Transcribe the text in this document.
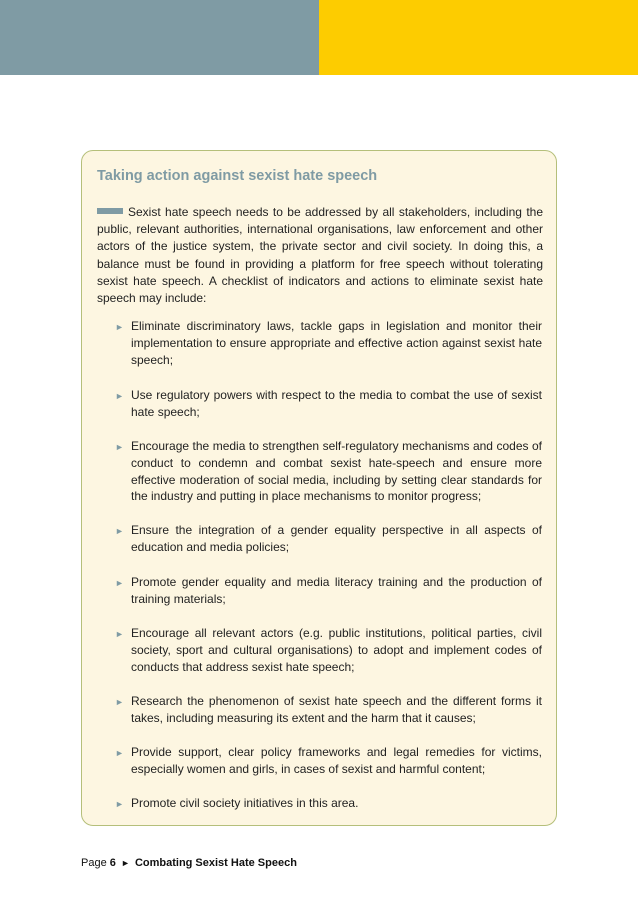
Taking action against sexist hate speech

Sexist hate speech needs to be addressed by all stakeholders, including the public, relevant authorities, international organisations, law enforcement and other actors of the justice system, the private sector and civil society. In doing this, a balance must be found in providing a platform for free speech without tolerating sexist hate speech. A checklist of indicators and actions to eliminate sexist hate speech may include:

► Eliminate discriminatory laws, tackle gaps in legislation and monitor their implementation to ensure appropriate and effective action against sexist hate speech;

► Use regulatory powers with respect to the media to combat the use of sexist hate speech;

► Encourage the media to strengthen self-regulatory mechanisms and codes of conduct to condemn and combat sexist hate-speech and ensure more effective moderation of social media, including by setting clear standards for the industry and putting in place mechanisms to monitor progress;

► Ensure the integration of a gender equality perspective in all aspects of education and media policies;

► Promote gender equality and media literacy training and the production of training materials;

► Encourage all relevant actors (e.g. public institutions, political parties, civil society, sport and cultural organisations) to adopt and implement codes of conducts that address sexist hate speech;

► Research the phenomenon of sexist hate speech and the different forms it takes, including measuring its extent and the harm that it causes;

► Provide support, clear policy frameworks and legal remedies for victims, especially women and girls, in cases of sexist and harmful content;

► Promote civil society initiatives in this area.

Page 6 ► Combating Sexist Hate Speech
